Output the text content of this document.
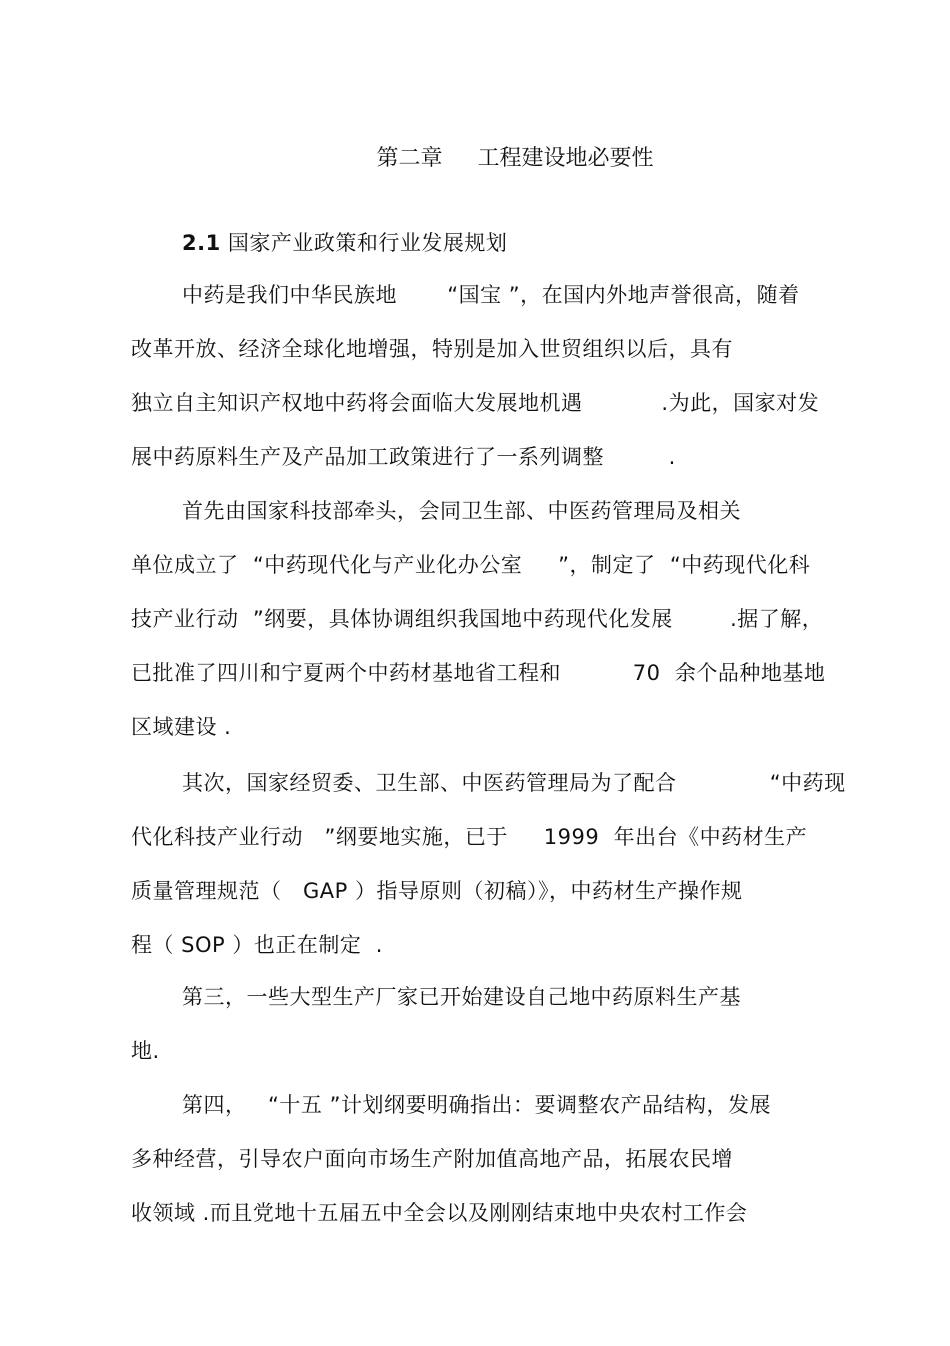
第二章     工程建设地必要性
2.1 国家产业政策和行业发展规划
中药是我们中华民族地       “国宝 ”，在国内外地声誉很高，随着
改革开放、经济全球化地增强，特别是加入世贸组织以后，具有
独立自主知识产权地中药将会面临大发展地机遇           .为此，国家对发
展中药原料生产及产品加工政策进行了一系列调整         .
首先由国家科技部牵头，会同卫生部、中医药管理局及相关
单位成立了  “中药现代化与产业化办公室     ”，制定了  “中药现代化科
技产业行动  ”纲要，具体协调组织我国地中药现代化发展        .据了解，
已批准了四川和宁夏两个中药材基地省工程和          70  余个品种地基地
区域建设 .
其次，国家经贸委、卫生部、中医药管理局为了配合             “中药现
代化科技产业行动   ”纲要地实施，已于     1999  年出台《中药材生产
质量管理规范（   GAP ）指导原则（初稿）》，中药材生产操作规
程（ SOP ）也正在制定  .
第三，一些大型生产厂家已开始建设自己地中药原料生产基
地.
第四，   “十五 ”计划纲要明确指出：要调整农产品结构，发展
多种经营，引导农户面向市场生产附加值高地产品，拓展农民增
收领域 .而且党地十五届五中全会以及刚刚结束地中央农村工作会
